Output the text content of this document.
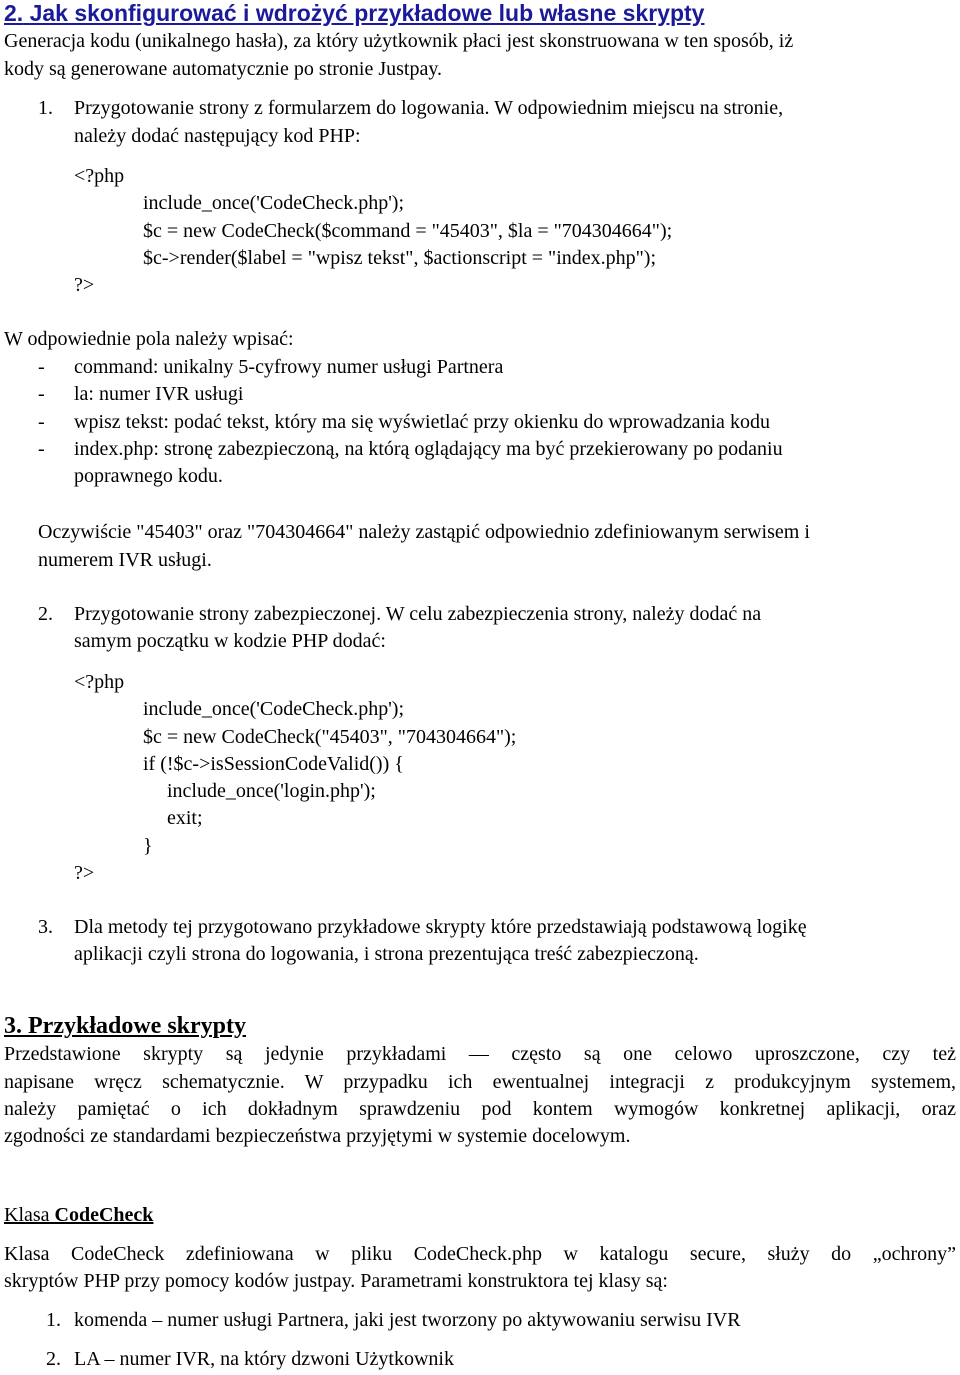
2. Jak skonfigurować i wdrożyć przykładowe lub własne skrypty
Generacja kodu (unikalnego hasła), za który użytkownik płaci jest skonstruowana w ten sposób, iż
kody są generowane automatycznie po stronie Justpay.
1. Przygotowanie strony z formularzem do logowania. W odpowiednim miejscu na stronie,
należy dodać następujący kod PHP:
<?php
include_once('CodeCheck.php');
$c = new CodeCheck($command = "45403", $la = "704304664");
$c->render($label = "wpisz tekst", $actionscript = "index.php");
?>
W odpowiednie pola należy wpisać:
- command: unikalny 5-cyfrowy numer usługi Partnera
- la: numer IVR usługi
- wpisz tekst: podać tekst, który ma się wyświetlać przy okienku do wprowadzania kodu
- index.php: stronę zabezpieczoną, na którą oglądający ma być przekierowany po podaniu
poprawnego kodu.
Oczywiście "45403" oraz "704304664" należy zastąpić odpowiednio zdefiniowanym serwisem i
numerem IVR usługi.
2. Przygotowanie strony zabezpieczonej. W celu zabezpieczenia strony, należy dodać na
samym początku w kodzie PHP dodać:
<?php
include_once('CodeCheck.php');
$c = new CodeCheck("45403", "704304664");
if (!$c->isSessionCodeValid()) {
include_once('login.php');
exit;
}
?>
3. Dla metody tej przygotowano przykładowe skrypty które przedstawiają podstawową logikę
aplikacji czyli strona do logowania, i strona prezentująca treść zabezpieczoną.
3. Przykładowe skrypty
Przedstawione skrypty są jedynie przykładami — często są one celowo uproszczone, czy też
napisane wręcz schematycznie. W przypadku ich ewentualnej integracji z produkcyjnym systemem,
należy pamiętać o ich dokładnym sprawdzeniu pod kontem wymogów konkretnej aplikacji, oraz
zgodności ze standardami bezpieczeństwa przyjętymi w systemie docelowym.
Klasa CodeCheck
Klasa CodeCheck zdefiniowana w pliku CodeCheck.php w katalogu secure, służy do „ochrony”
skryptów PHP przy pomocy kodów justpay. Parametrami konstruktora tej klasy są:
1. komenda – numer usługi Partnera, jaki jest tworzony po aktywowaniu serwisu IVR
2. LA – numer IVR, na który dzwoni Użytkownik
